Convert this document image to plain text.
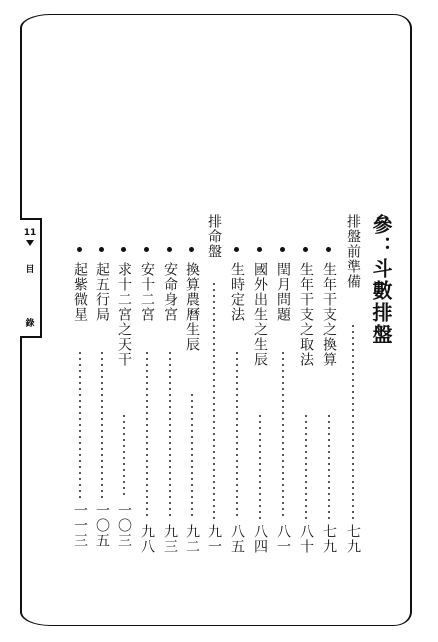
11
目
錄	參：斗數排盤
排盤前準備
七九
生年干支之換算
七九
生年干支之取法
八十
閏月問題
八一
國外出生之生辰
八四
生時定法
八五
排命盤
九一
換算農曆生辰
九二
安命身宮
九三
安十二宮
九八
求十二宮之天干
一〇三
起五行局
一〇五
起紫微星
一一三
